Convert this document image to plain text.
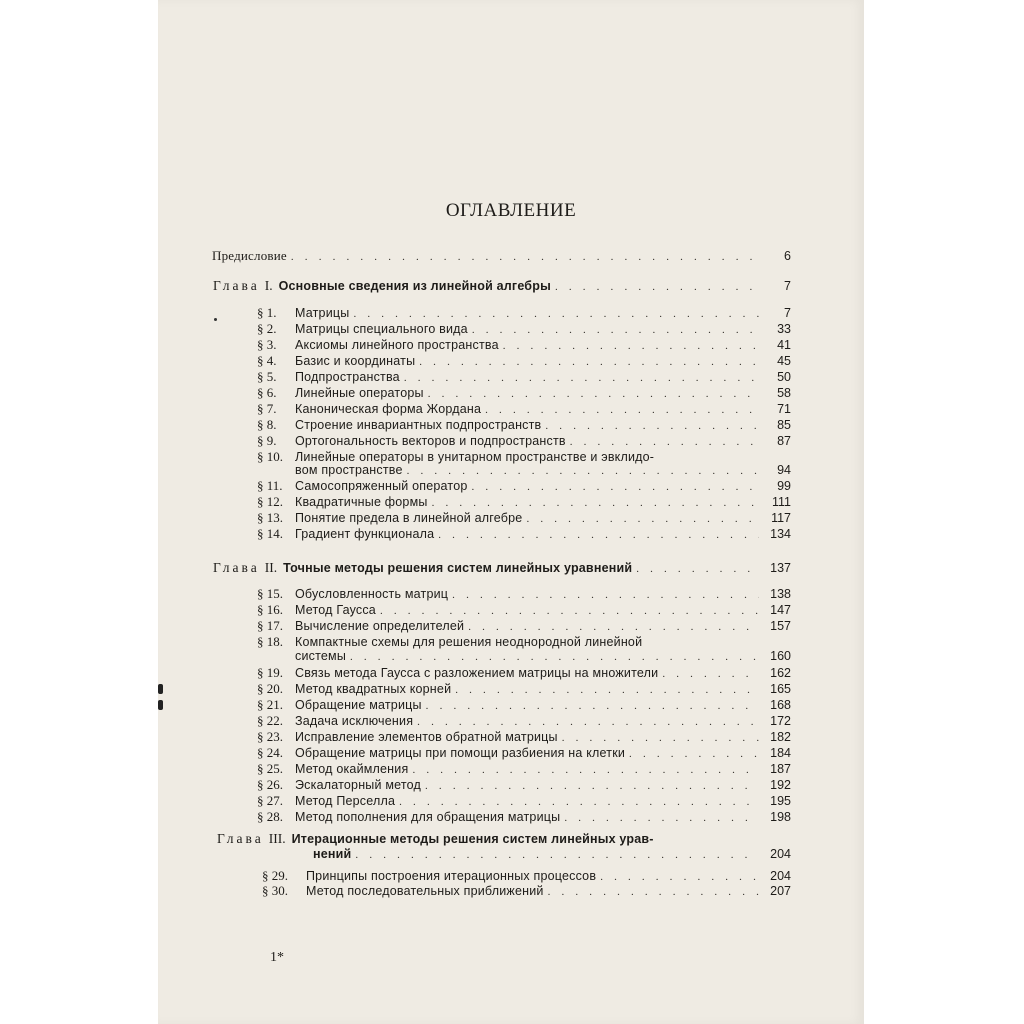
ОГЛАВЛЕНИЕ
Предисловие . . .	6
Глава I. Основные сведения из линейной алгебры . . .	7
§ 1.	Матрицы . . .	7
§ 2.	Матрицы специального вида . . .	33
§ 3.	Аксиомы линейного пространства . . .	41
§ 4.	Базис и координаты . . .	45
§ 5.	Подпространства . . .	50
§ 6.	Линейные операторы . . .	58
§ 7.	Каноническая форма Жордана . . .	71
§ 8.	Строение инвариантных подпространств . . .	85
§ 9.	Ортогональность векторов и подпространств . . .	87
§ 10. Линейные операторы в унитарном пространстве и эвклидо-
вом пространстве . . .	94
§ 11. Самосопряженный оператор . . .	99
§ 12. Квадратичные формы . . .	111
§ 13. Понятие предела в линейной алгебре . . .	117
§ 14. Градиент функционала . . .	134
Глава II. Точные методы решения систем линейных уравнений . . .	137
§ 15. Обусловленность матриц . . .	138
§ 16. Метод Гаусса . . .	147
§ 17. Вычисление определителей . . .	157
§ 18. Компактные схемы для решения неоднородной линейной
системы . . .	160
§ 19. Связь метода Гаусса с разложением матрицы на множители . . .	162
§ 20. Метод квадратных корней . . .	165
§ 21. Обращение матрицы . . .	168
§ 22. Задача исключения . . .	172
§ 23. Исправление элементов обратной матрицы . . .	182
§ 24. Обращение матрицы при помощи разбиения на клетки . . .	184
§ 25. Метод окаймления . . .	187
§ 26. Эскалаторный метод . . .	192
§ 27. Метод Перселла . . .	195
§ 28. Метод пополнения для обращения матрицы . . .	198
Глава III. Итерационные методы решения систем линейных урав-
нений . . .	204
§ 29.	Принципы построения итерационных процессов . . .	204
§ 30.	Метод последовательных приближений . . .	207
1*
